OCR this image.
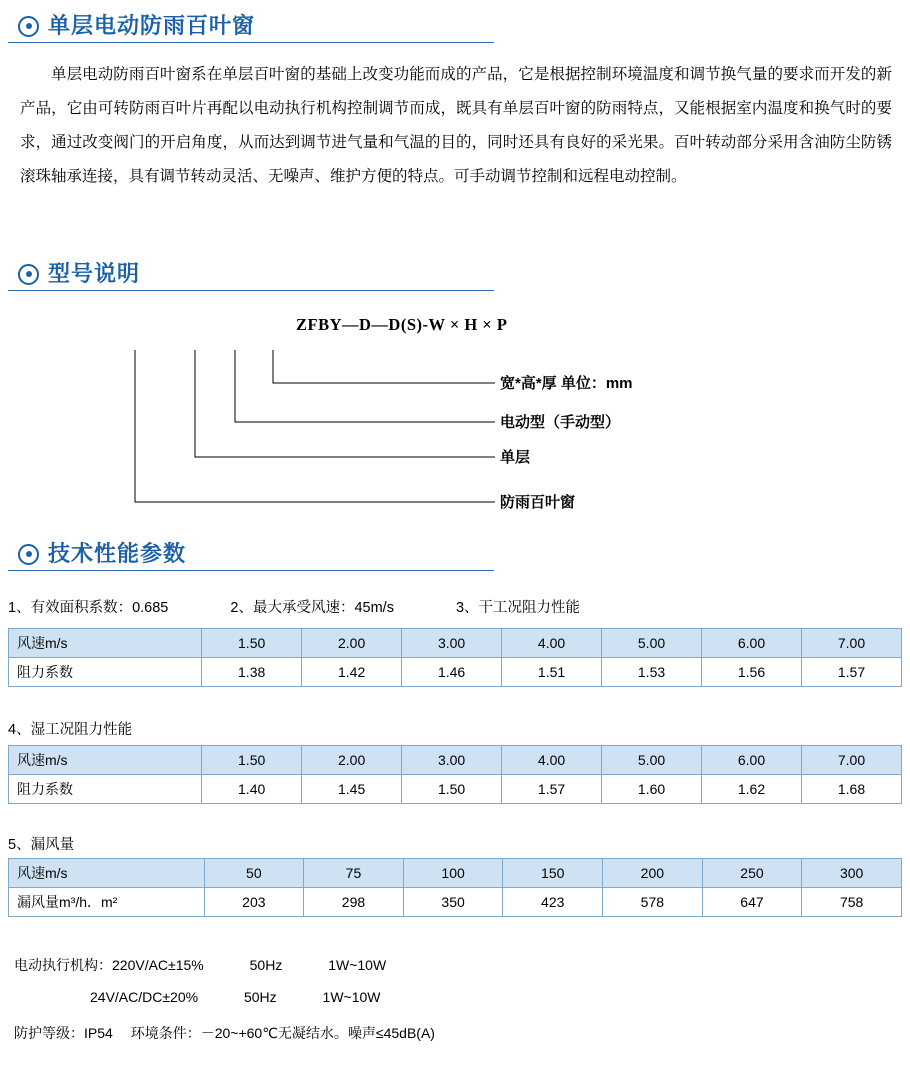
单层电动防雨百叶窗
单层电动防雨百叶窗系在单层百叶窗的基础上改变功能而成的产品，它是根据控制环境温度和调节换气量的要求而开发的新产品，它由可转防雨百叶片再配以电动执行机构控制调节而成，既具有单层百叶窗的防雨特点，又能根据室内温度和换气时的要求，通过改变阀门的开启角度，从而达到调节进气量和气温的目的，同时还具有良好的采光果。百叶转动部分采用含油防尘防锈滚珠轴承连接，具有调节转动灵活、无噪声、维护方便的特点。可手动调节控制和远程电动控制。
型号说明
ZFBY—D—D(S)-W × H × P
宽*高*厚 单位：mm
电动型（手动型）
单层
防雨百叶窗
技术性能参数
1、有效面积系数：0.685	2、最大承受风速：45m/s	3、干工况阻力性能
风速m/s	1.50	2.00	3.00	4.00	5.00	6.00	7.00
阻力系数	1.38	1.42	1.46	1.51	1.53	1.56	1.57
4、湿工况阻力性能
风速m/s	1.50	2.00	3.00	4.00	5.00	6.00	7.00
阻力系数	1.40	1.45	1.50	1.57	1.60	1.62	1.68
5、漏风量
风速m/s	50	75	100	150	200	250	300
漏风量m³/h．m²	203	298	350	423	578	647	758
电动执行机构：220V/AC±15%	50Hz	1W~10W
24V/AC/DC±20%	50Hz	1W~10W
防护等级：IP54 环境条件：－20~+60℃无凝结水。噪声≤45dB(A)
